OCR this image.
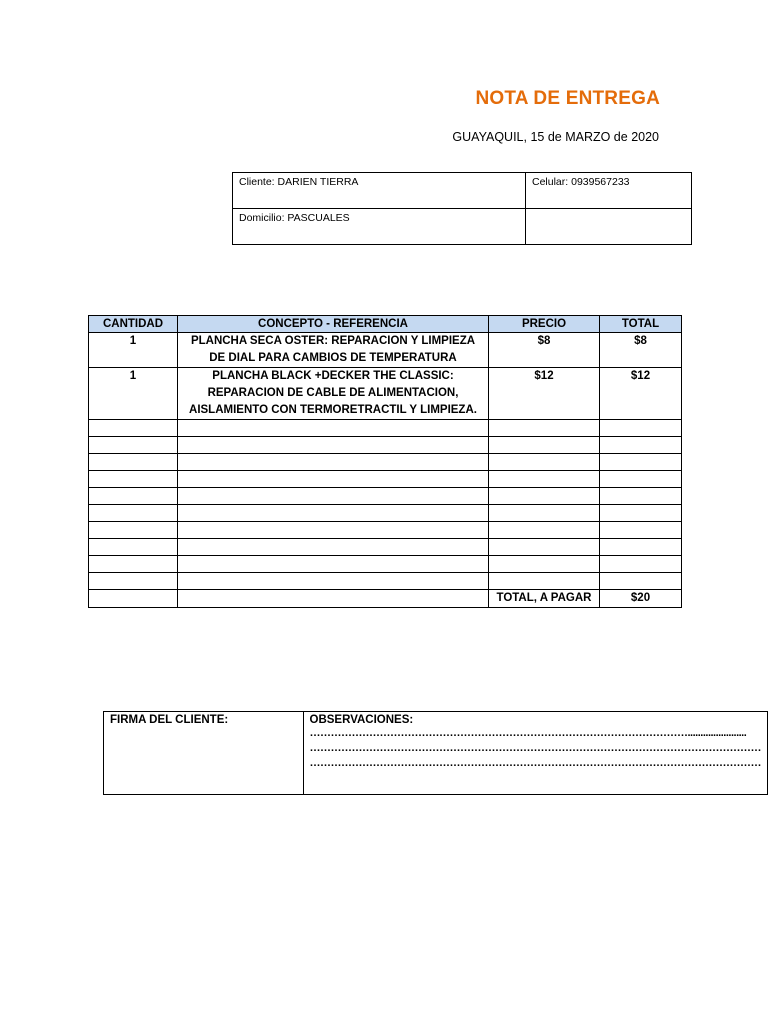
NOTA DE ENTREGA
GUAYAQUIL, 15 de MARZO de 2020
Cliente: DARIEN TIERRA	Celular: 0939567233
Domicilio: PASCUALES	
CANTIDAD	CONCEPTO - REFERENCIA	PRECIO	TOTAL
1	PLANCHA SECA OSTER: REPARACION Y LIMPIEZA DE DIAL PARA CAMBIOS DE TEMPERATURA	$8	$8
1	PLANCHA BLACK +DECKER THE CLASSIC: REPARACION DE CABLE DE ALIMENTACION, AISLAMIENTO CON TERMORETRACTIL Y LIMPIEZA.	$12	$12

		TOTAL, A PAGAR	$20
FIRMA DEL CLIENTE:	OBSERVACIONES:
……………………………………………………………………………………………….......................
…………………………………………………………………………………………………………………
…………………………………………………………………………………………………………………
